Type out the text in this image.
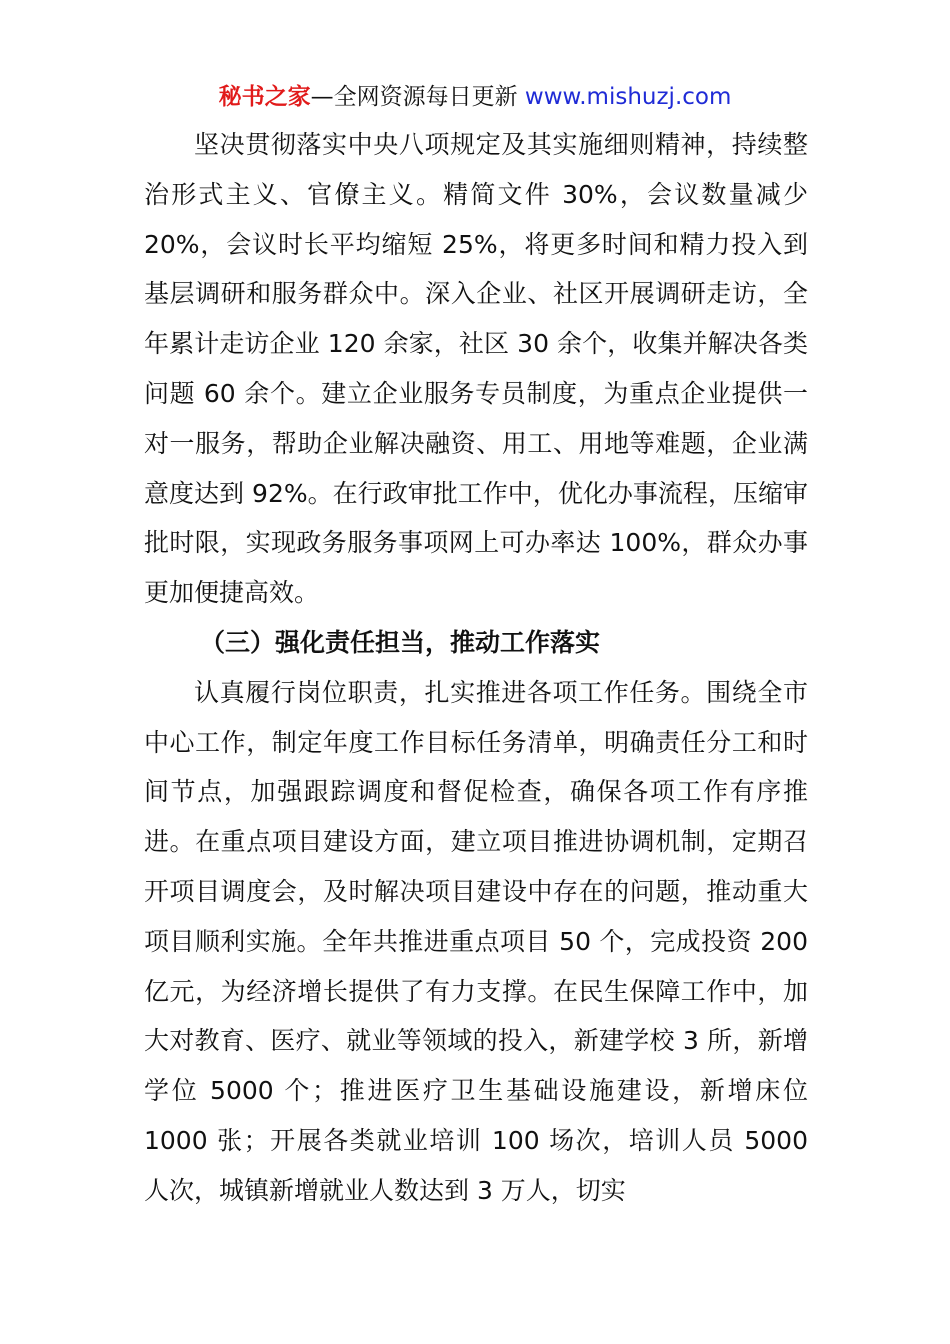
秘书之家—全网资源每日更新 www.mishuzj.com

坚决贯彻落实中央八项规定及其实施细则精神，持续整治形式主义、官僚主义。精简文件 30%，会议数量减少 20%，会议时长平均缩短 25%，将更多时间和精力投入到基层调研和服务群众中。深入企业、社区开展调研走访，全年累计走访企业 120 余家，社区 30 余个，收集并解决各类问题 60 余个。建立企业服务专员制度，为重点企业提供一对一服务，帮助企业解决融资、用工、用地等难题，企业满意度达到 92%。在行政审批工作中，优化办事流程，压缩审批时限，实现政务服务事项网上可办率达 100%，群众办事更加便捷高效。

（三）强化责任担当，推动工作落实

认真履行岗位职责，扎实推进各项工作任务。围绕全市中心工作，制定年度工作目标任务清单，明确责任分工和时间节点，加强跟踪调度和督促检查，确保各项工作有序推进。在重点项目建设方面，建立项目推进协调机制，定期召开项目调度会，及时解决项目建设中存在的问题，推动重大项目顺利实施。全年共推进重点项目 50 个，完成投资 200 亿元，为经济增长提供了有力支撑。在民生保障工作中，加大对教育、医疗、就业等领域的投入，新建学校 3 所，新增学位 5000 个；推进医疗卫生基础设施建设，新增床位 1000 张；开展各类就业培训 100 场次，培训人员 5000 人次，城镇新增就业人数达到 3 万人，切实
